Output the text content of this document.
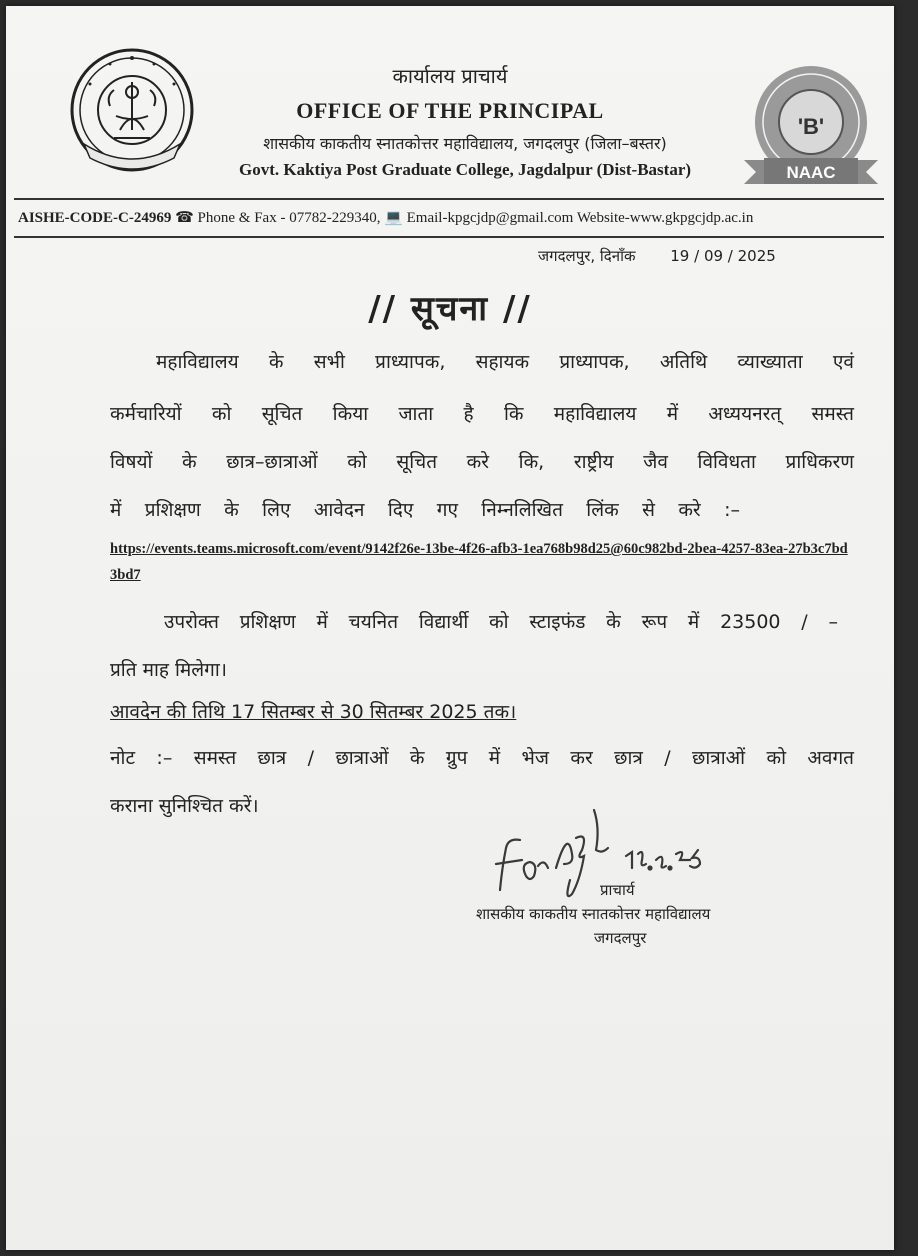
कार्यालय प्राचार्य
OFFICE OF THE PRINCIPAL
शासकीय काकतीय स्नातकोत्तर महाविद्यालय, जगदलपुर (जिला–बस्तर)
Govt. Kaktiya Post Graduate College, Jagdalpur (Dist-Bastar)
'B'
NAAC
AISHE-CODE-C-24969 ☎ Phone & Fax - 07782-229340, 💻 Email-kpgcjdp@gmail.com Website-www.gkpgcjdp.ac.in
जगदलपुर, दिनाँक 19 / 09 / 2025
// सूचना //
महाविद्यालय के सभी प्राध्यापक, सहायक प्राध्यापक, अतिथि व्याख्याता एवं
कर्मचारियों को सूचित किया जाता है कि महाविद्यालय में अध्ययनरत् समस्त
विषयों के छात्र–छात्राओं को सूचित करे कि, राष्ट्रीय जैव विविधता प्राधिकरण
में प्रशिक्षण के लिए आवेदन दिए गए निम्नलिखित लिंक से करे :–
https://events.teams.microsoft.com/event/9142f26e-13be-4f26-afb3-1ea768b98d25@60c982bd-2bea-4257-83ea-27b3c7bd3bd7
उपरोक्त प्रशिक्षण में चयनित विद्यार्थी को स्टाइफंड के रूप में 23500 / –
प्रति माह मिलेगा।
आवदेन की तिथि 17 सितम्बर से 30 सितम्बर 2025 तक।
नोट :– समस्त छात्र / छात्राओं के ग्रुप में भेज कर छात्र / छात्राओं को अवगत
कराना सुनिश्चित करें।
प्राचार्य
शासकीय काकतीय स्नातकोत्तर महाविद्यालय
जगदलपुर
